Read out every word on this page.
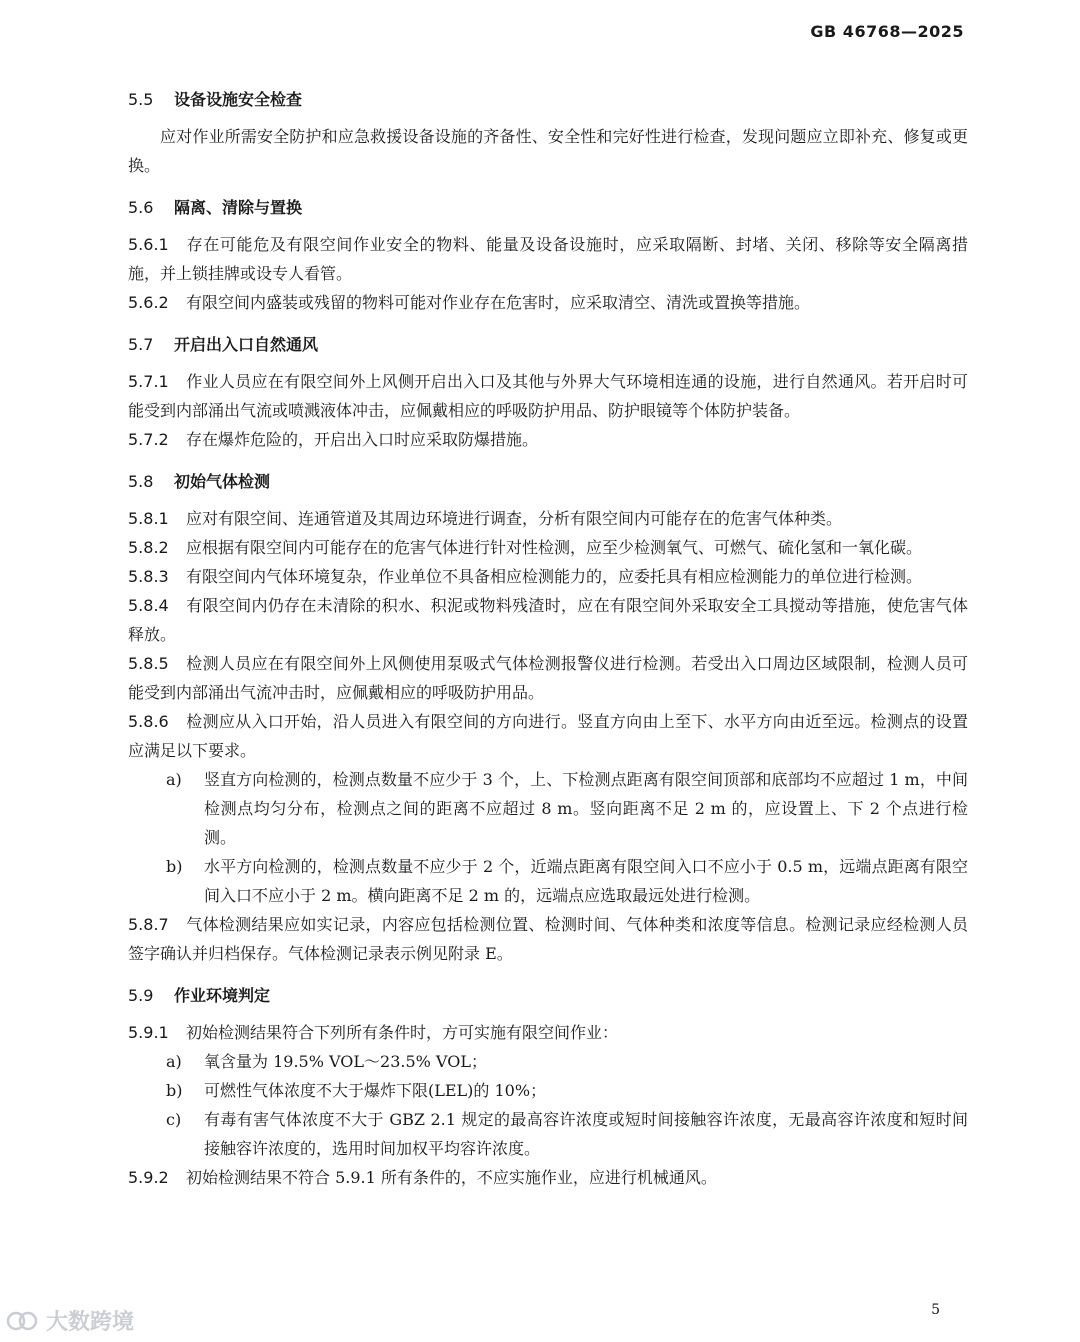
GB 46768—2025
5.5 设备设施安全检查

应对作业所需安全防护和应急救援设备设施的齐备性、安全性和完好性进行检查，发现问题应立即补充、修复或更换。

5.6 隔离、清除与置换

5.6.1 存在可能危及有限空间作业安全的物料、能量及设备设施时，应采取隔断、封堵、关闭、移除等安全隔离措施，并上锁挂牌或设专人看管。

5.6.2 有限空间内盛装或残留的物料可能对作业存在危害时，应采取清空、清洗或置换等措施。

5.7 开启出入口自然通风

5.7.1 作业人员应在有限空间外上风侧开启出入口及其他与外界大气环境相连通的设施，进行自然通风。若开启时可能受到内部涌出气流或喷溅液体冲击，应佩戴相应的呼吸防护用品、防护眼镜等个体防护装备。

5.7.2 存在爆炸危险的，开启出入口时应采取防爆措施。

5.8 初始气体检测

5.8.1 应对有限空间、连通管道及其周边环境进行调查，分析有限空间内可能存在的危害气体种类。

5.8.2 应根据有限空间内可能存在的危害气体进行针对性检测，应至少检测氧气、可燃气、硫化氢和一氧化碳。

5.8.3 有限空间内气体环境复杂，作业单位不具备相应检测能力的，应委托具有相应检测能力的单位进行检测。

5.8.4 有限空间内仍存在未清除的积水、积泥或物料残渣时，应在有限空间外采取安全工具搅动等措施，使危害气体释放。

5.8.5 检测人员应在有限空间外上风侧使用泵吸式气体检测报警仪进行检测。若受出入口周边区域限制，检测人员可能受到内部涌出气流冲击时，应佩戴相应的呼吸防护用品。

5.8.6 检测应从入口开始，沿人员进入有限空间的方向进行。竖直方向由上至下、水平方向由近至远。检测点的设置应满足以下要求。

a) 竖直方向检测的，检测点数量不应少于 3 个，上、下检测点距离有限空间顶部和底部均不应超过 1 m，中间检测点均匀分布，检测点之间的距离不应超过 8 m。竖向距离不足 2 m 的，应设置上、下 2 个点进行检测。
b) 水平方向检测的，检测点数量不应少于 2 个，近端点距离有限空间入口不应小于 0.5 m，远端点距离有限空间入口不应小于 2 m。横向距离不足 2 m 的，远端点应选取最远处进行检测。

5.8.7 气体检测结果应如实记录，内容应包括检测位置、检测时间、气体种类和浓度等信息。检测记录应经检测人员签字确认并归档保存。气体检测记录表示例见附录 E。

5.9 作业环境判定

5.9.1 初始检测结果符合下列所有条件时，方可实施有限空间作业：

a) 氧含量为 19.5% VOL～23.5% VOL；
b) 可燃性气体浓度不大于爆炸下限(LEL)的 10%；
c) 有毒有害气体浓度不大于 GBZ 2.1 规定的最高容许浓度或短时间接触容许浓度，无最高容许浓度和短时间接触容许浓度的，选用时间加权平均容许浓度。

5.9.2 初始检测结果不符合 5.9.1 所有条件的，不应实施作业，应进行机械通风。

5
大数跨境
